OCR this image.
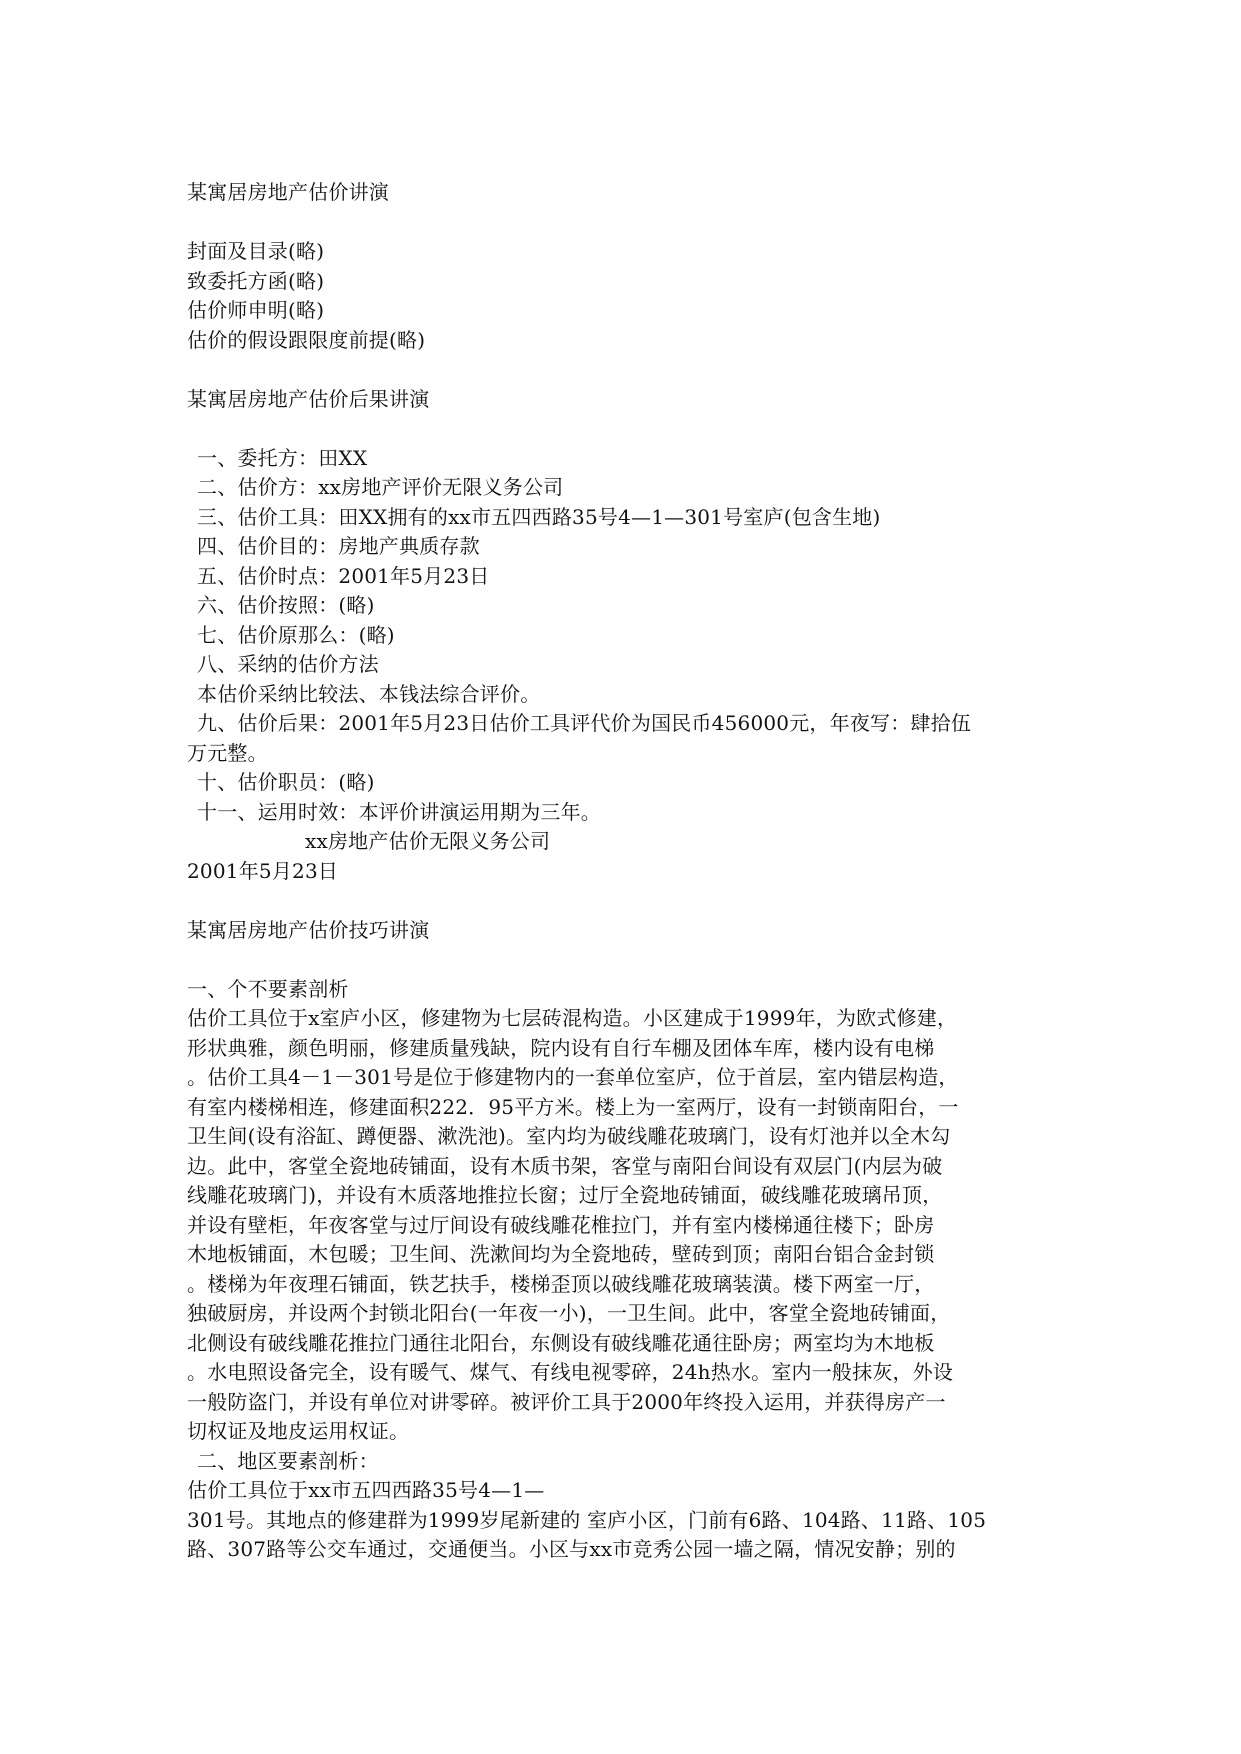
某寓居房地产估价讲演

封面及目录(略)

致委托方函(略)

估价师申明(略)

估价的假设跟限度前提(略)

某寓居房地产估价后果讲演

一、委托方：田XX

二、估价方：xx房地产评价无限义务公司

三、估价工具：田XX拥有的xx市五四西路35号4—1—301号室庐(包含生地)

四、估价目的：房地产典质存款

五、估价时点：2001年5月23日

六、估价按照：(略)

七、估价原那么：(略)

八、采纳的估价方法

本估价采纳比较法、本钱法综合评价。

九、估价后果：2001年5月23日估价工具评代价为国民币456000元，年夜写：肆拾伍

万元整。

十、估价职员：(略)

十一、运用时效：本评价讲演运用期为三年。

xx房地产估价无限义务公司

2001年5月23日

某寓居房地产估价技巧讲演

一、个不要素剖析

估价工具位于x室庐小区，修建物为七层砖混构造。小区建成于1999年，为欧式修建，

形状典雅，颜色明丽，修建质量残缺，院内设有自行车棚及团体车库，楼内设有电梯

。估价工具4－1－301号是位于修建物内的一套单位室庐，位于首层，室内错层构造，

有室内楼梯相连，修建面积222．95平方米。楼上为一室两厅，设有一封锁南阳台，一

卫生间(设有浴缸、蹲便器、漱洗池)。室内均为破线雕花玻璃门，设有灯池并以全木勾

边。此中，客堂全瓷地砖铺面，设有木质书架，客堂与南阳台间设有双层门(内层为破

线雕花玻璃门)，并设有木质落地推拉长窗；过厅全瓷地砖铺面，破线雕花玻璃吊顶，

并设有壁柜，年夜客堂与过厅间设有破线雕花椎拉门，并有室内楼梯通往楼下；卧房

木地板铺面，木包暖；卫生间、洗漱间均为全瓷地砖，壁砖到顶；南阳台铝合金封锁

。楼梯为年夜理石铺面，铁艺扶手，楼梯歪顶以破线雕花玻璃装潢。楼下两室一厅，

独破厨房，并设两个封锁北阳台(一年夜一小)，一卫生间。此中，客堂全瓷地砖铺面，

北侧设有破线雕花推拉门通往北阳台，东侧设有破线雕花通往卧房；两室均为木地板

。水电照设备完全，设有暖气、煤气、有线电视零碎，24h热水。室内一般抹灰，外设

一般防盗门，并设有单位对讲零碎。被评价工具于2000年终投入运用，并获得房产一

切权证及地皮运用权证。

二、地区要素剖析：

估价工具位于xx市五四西路35号4—1—

301号。其地点的修建群为1999岁尾新建的 室庐小区，门前有6路、104路、11路、105

路、307路等公交车通过，交通便当。小区与xx市竞秀公园一墙之隔，情况安静；别的
